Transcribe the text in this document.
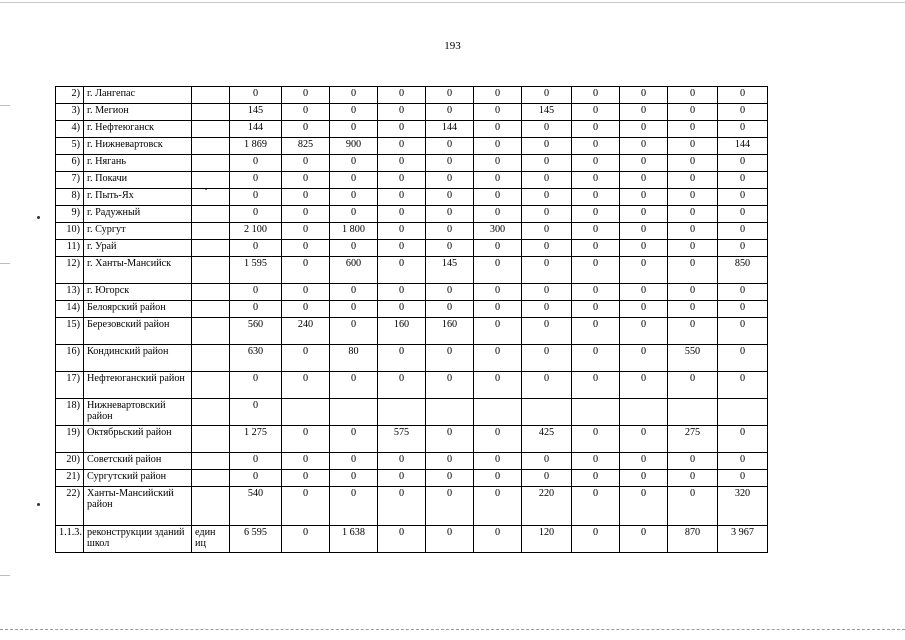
193
2)	г. Лангепас		0	0	0	0	0	0	0	0	0	0	0
3)	г. Мегион		145	0	0	0	0	0	145	0	0	0	0
4)	г. Нефтеюганск		144	0	0	0	144	0	0	0	0	0	0
5)	г. Нижневартовск		1 869	825	900	0	0	0	0	0	0	0	144
6)	г. Нягань		0	0	0	0	0	0	0	0	0	0	0
7)	г. Покачи		0	0	0	0	0	0	0	0	0	0	0
8)	г. Пыть-Ях		0	0	0	0	0	0	0	0	0	0	0
9)	г. Радужный		0	0	0	0	0	0	0	0	0	0	0
10)	г. Сургут		2 100	0	1 800	0	0	300	0	0	0	0	0
11)	г. Урай		0	0	0	0	0	0	0	0	0	0	0
12)	г. Ханты-Мансийск		1 595	0	600	0	145	0	0	0	0	0	850
13)	г. Югорск		0	0	0	0	0	0	0	0	0	0	0
14)	Белоярский район		0	0	0	0	0	0	0	0	0	0	0
15)	Березовский район		560	240	0	160	160	0	0	0	0	0	0
16)	Кондинский район		630	0	80	0	0	0	0	0	0	550	0
17)	Нефтеюганский район		0	0	0	0	0	0	0	0	0	0	0
18)	Нижневартовский район		0										
19)	Октябрьский район		1 275	0	0	575	0	0	425	0	0	275	0
20)	Советский район		0	0	0	0	0	0	0	0	0	0	0
21)	Сургутский район		0	0	0	0	0	0	0	0	0	0	0
22)	Ханты-Мансийский район		540	0	0	0	0	0	220	0	0	0	320
1.1.3.	реконструкции зданий школ	един иц	6 595	0	1 638	0	0	0	120	0	0	870	3 967
